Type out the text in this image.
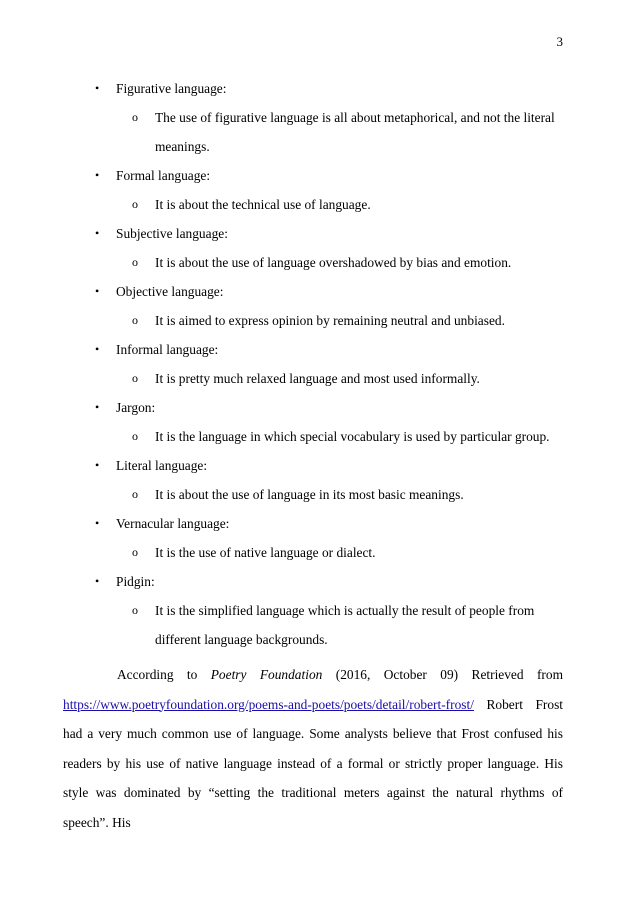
3
• Figurative language:
o The use of figurative language is all about metaphorical, and not the literal meanings.
• Formal language:
o It is about the technical use of language.
• Subjective language:
o It is about the use of language overshadowed by bias and emotion.
• Objective language:
o It is aimed to express opinion by remaining neutral and unbiased.
• Informal language:
o It is pretty much relaxed language and most used informally.
• Jargon:
o It is the language in which special vocabulary is used by particular group.
• Literal language:
o It is about the use of language in its most basic meanings.
• Vernacular language:
o It is the use of native language or dialect.
• Pidgin:
o It is the simplified language which is actually the result of people from different language backgrounds.

According to Poetry Foundation (2016, October 09) Retrieved from https://www.poetryfoundation.org/poems-and-poets/poets/detail/robert-frost/ Robert Frost had a very much common use of language. Some analysts believe that Frost confused his readers by his use of native language instead of a formal or strictly proper language. His style was dominated by “setting the traditional meters against the natural rhythms of speech”. His
